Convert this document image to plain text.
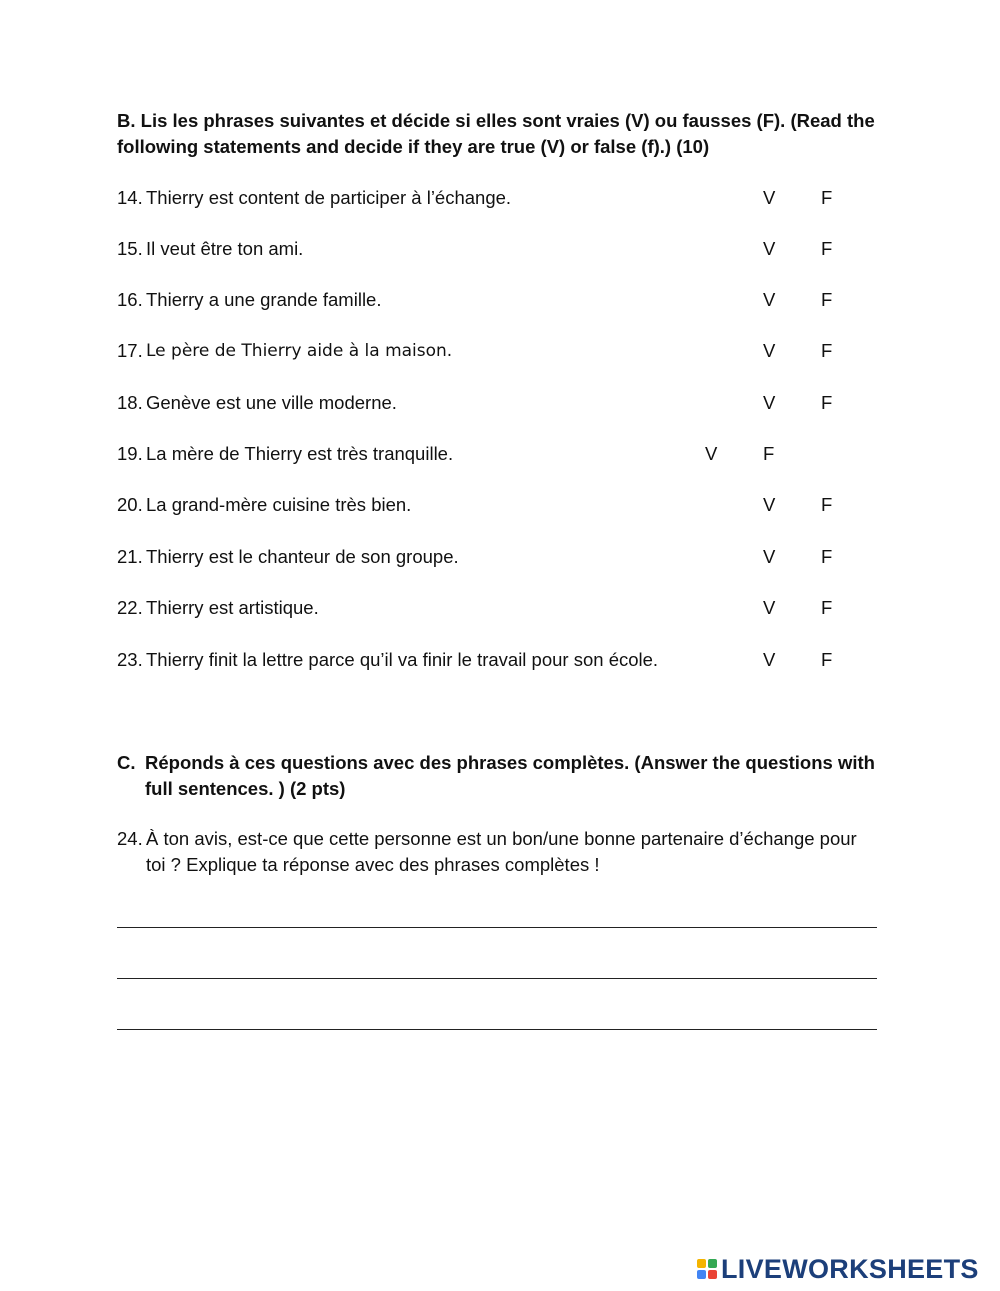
B. Lis les phrases suivantes et décide si elles sont vraies (V) ou fausses (F). (Read the following statements and decide if they are true (V) or false (f).) (10)
14. Thierry est content de participer à l’échange.	V F
15. Il veut être ton ami.	V F
16. Thierry a une grande famille.	V F
17. Le père de Thierry aide à la maison.	V F
18. Genève est une ville moderne.	V F
19. La mère de Thierry est très tranquille.	V F
20. La grand-mère cuisine très bien.	V F
21. Thierry est le chanteur de son groupe.	V F
22. Thierry est artistique.	V F
23. Thierry finit la lettre parce qu’il va finir le travail pour son école.	V F
C. Réponds à ces questions avec des phrases complètes. (Answer the questions with full sentences. ) (2 pts)
24. À ton avis, est-ce que cette personne est un bon/une bonne partenaire d’échange pour toi ? Explique ta réponse avec des phrases complètes !
LIVEWORKSHEETS
